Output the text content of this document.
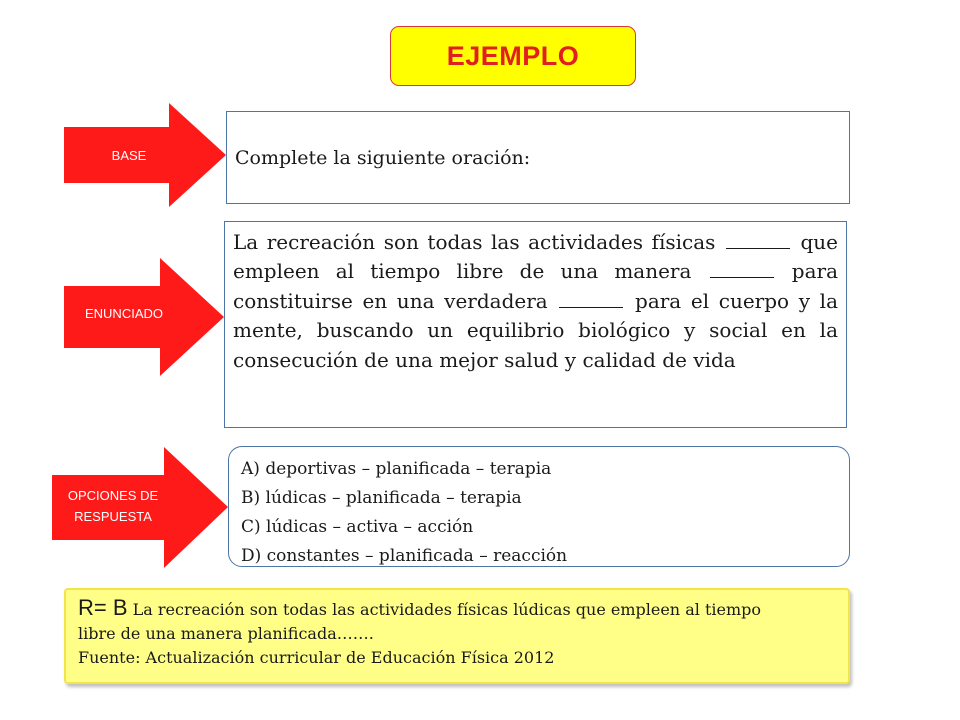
EJEMPLO
BASE
ENUNCIADO
OPCIONES DE
RESPUESTA
Complete la siguiente oración:
La recreación son todas las actividades físicas	que empleen al tiempo libre de una manera	para constituirse en una verdadera	para el cuerpo y la mente, buscando un equilibrio biológico y social en la consecución de una mejor salud y calidad de vida
A) deportivas – planificada – terapia
B) lúdicas – planificada – terapia
C) lúdicas – activa – acción
D) constantes – planificada – reacción
R= B La recreación son todas las actividades físicas lúdicas que empleen al tiempo
libre de una manera planificada…….
Fuente: Actualización curricular de Educación Física 2012
